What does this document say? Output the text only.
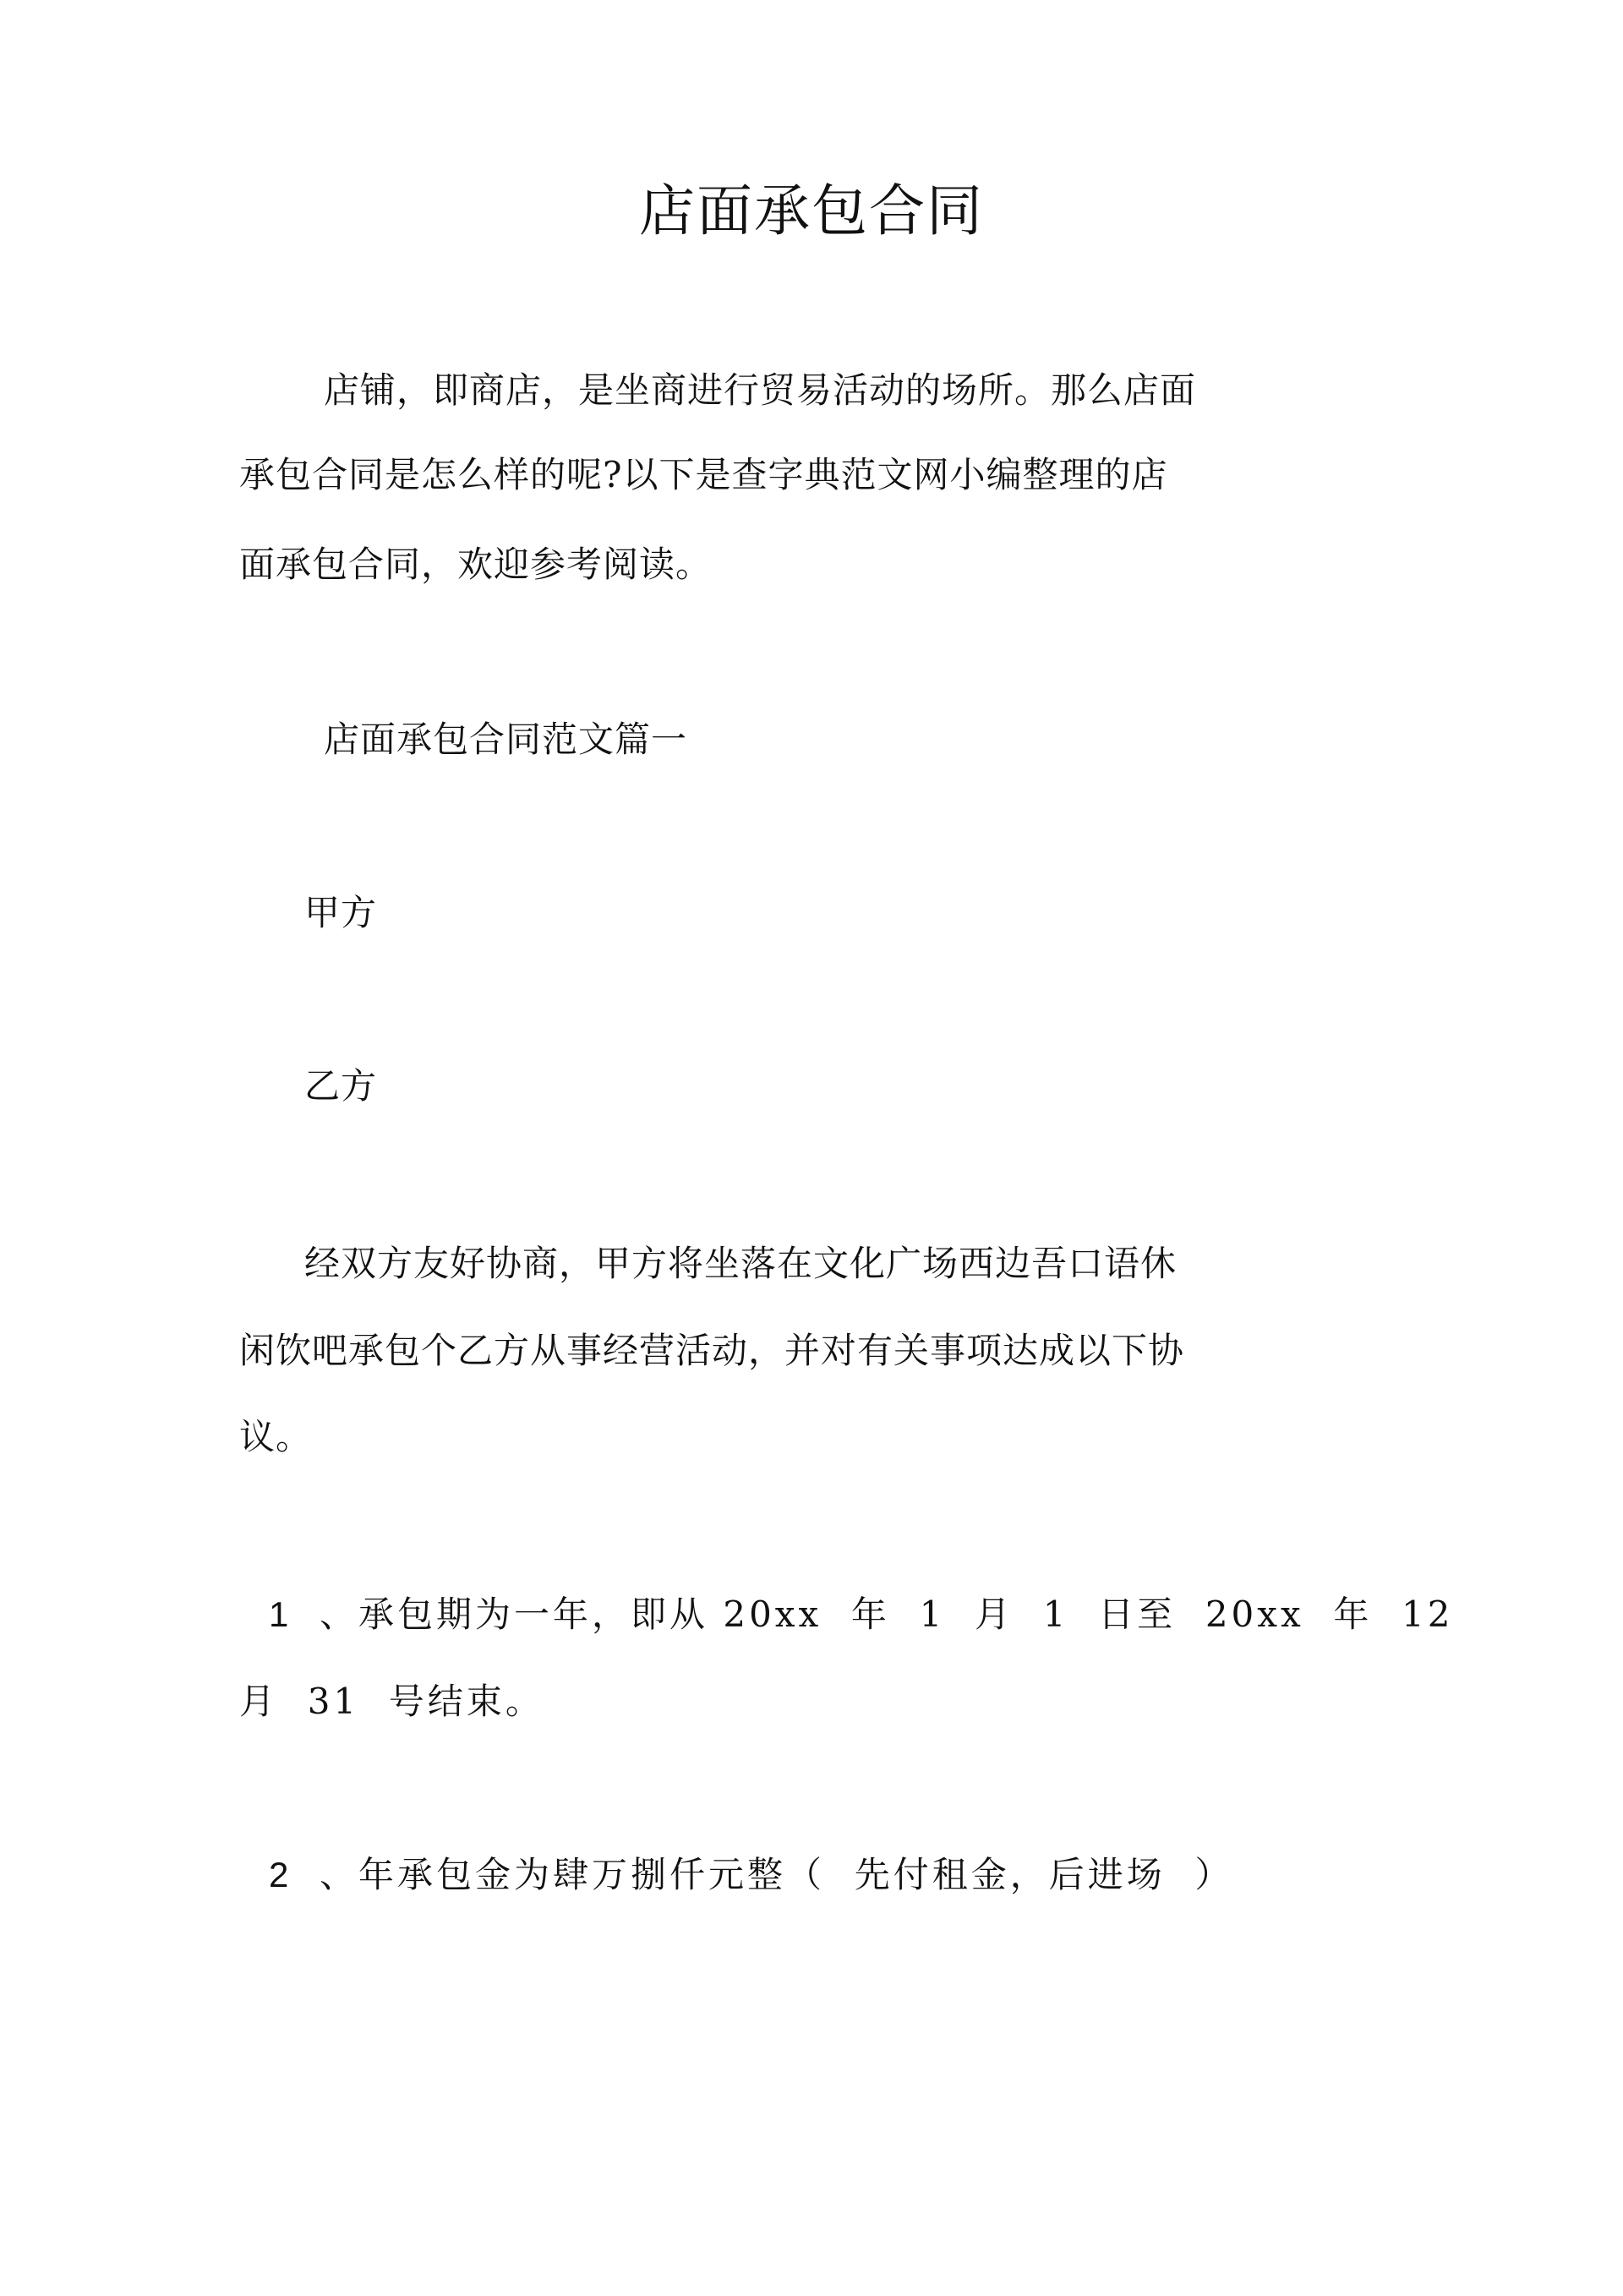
店面承包合同

店铺，即商店，是坐商进行贸易活动的场所。那么店面

承包合同是怎么样的呢?以下是查字典范文网小编整理的店

面承包合同，欢迎参考阅读。

店面承包合同范文篇一

甲方

乙方

经双方友好协商，甲方将坐落在文化广场西边吾口语休

闲饮吧承包个乙方从事经营活动，并对有关事项达成以下协

议。

1 、承包期为一年，即从 20xx  年  1  月  1  日至  20xx  年  12

月  31  号结束。

2 、年承包金为肆万捌仟元整（  先付租金，后进场  ）
